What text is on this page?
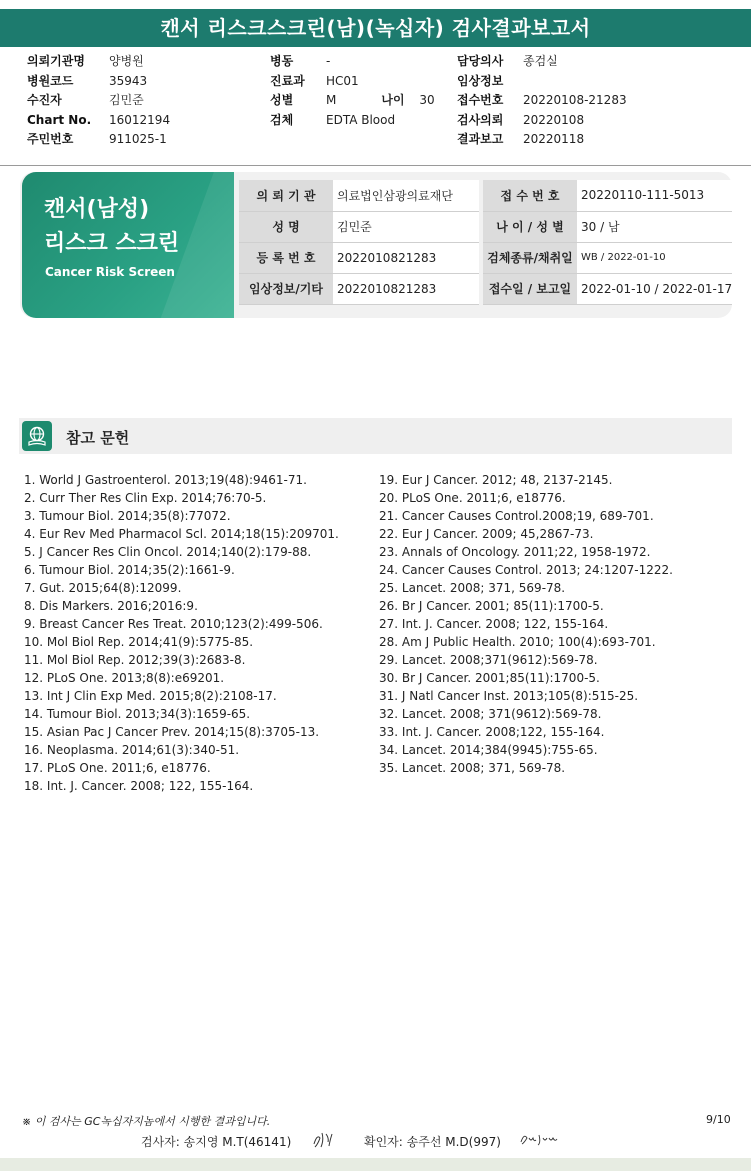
캔서 리스크스크린(남)(녹십자) 검사결과보고서
의뢰기관명	양병원
병원코드	35943
수진자	김민준
Chart No.	16012194
주민번호	911025-1
병동	-
진료과	HC01
성별	M	나이	30
검체	EDTA Blood
담당의사	종검실
임상정보
접수번호	20220108-21283
검사의뢰	20220108
결과보고	20220118
캔서(남성)
리스크 스크린
Cancer Risk Screen
의 뢰 기 관	의료법인삼광의료재단		접 수 번 호	20220110-111-5013
성 명	김민준		나 이 / 성 별	30 / 남
등 록 번 호	2022010821283		검체종류/채취일	WB / 2022-01-10
임상정보/기타	2022010821283		접수일 / 보고일	2022-01-10 / 2022-01-17
참고 문헌
1. World J Gastroenterol. 2013;19(48):9461-71.
2. Curr Ther Res Clin Exp. 2014;76:70-5.
3. Tumour Biol. 2014;35(8):77072.
4. Eur Rev Med Pharmacol Scl. 2014;18(15):209701.
5. J Cancer Res Clin Oncol. 2014;140(2):179-88.
6. Tumour Biol. 2014;35(2):1661-9.
7. Gut. 2015;64(8):12099.
8. Dis Markers. 2016;2016:9.
9. Breast Cancer Res Treat. 2010;123(2):499-506.
10. Mol Biol Rep. 2014;41(9):5775-85.
11. Mol Biol Rep. 2012;39(3):2683-8.
12. PLoS One. 2013;8(8):e69201.
13. Int J Clin Exp Med. 2015;8(2):2108-17.
14. Tumour Biol. 2013;34(3):1659-65.
15. Asian Pac J Cancer Prev. 2014;15(8):3705-13.
16. Neoplasma. 2014;61(3):340-51.
17. PLoS One. 2011;6, e18776.
18. Int. J. Cancer. 2008; 122, 155-164.
19. Eur J Cancer. 2012; 48, 2137-2145.
20. PLoS One. 2011;6, e18776.
21. Cancer Causes Control.2008;19, 689-701.
22. Eur J Cancer. 2009; 45,2867-73.
23. Annals of Oncology. 2011;22, 1958-1972.
24. Cancer Causes Control. 2013; 24:1207-1222.
25. Lancet. 2008; 371, 569-78.
26. Br J Cancer. 2001; 85(11):1700-5.
27. Int. J. Cancer. 2008; 122, 155-164.
28. Am J Public Health. 2010; 100(4):693-701.
29. Lancet. 2008;371(9612):569-78.
30. Br J Cancer. 2001;85(11):1700-5.
31. J Natl Cancer Inst. 2013;105(8):515-25.
32. Lancet. 2008; 371(9612):569-78.
33. Int. J. Cancer. 2008;122, 155-164.
34. Lancet. 2014;384(9945):755-65.
35. Lancet. 2008; 371, 569-78.
※ 이 검사는 GC녹십자지놈에서 시행한 결과입니다.	9/10
검사자: 송지영 M.T(46141)	확인자: 송주선 M.D(997)
